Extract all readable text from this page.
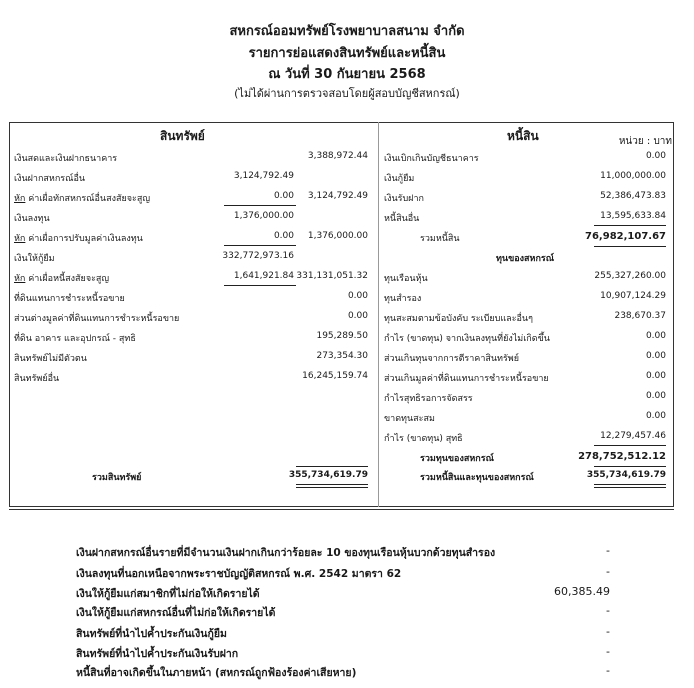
สหกรณ์ออมทรัพย์โรงพยาบาลสนาม จำกัด
รายการย่อแสดงสินทรัพย์และหนี้สิน
ณ วันที่ 30 กันยายน 2568
(ไม่ได้ผ่านการตรวจสอบโดยผู้สอบบัญชีสหกรณ์)
หน่วย : บาท
สินทรัพย์	หนี้สิน
เงินสดและเงินฝากธนาคาร	3,388,972.44
เงินฝากสหกรณ์อื่น	3,124,792.49
หัก ค่าเผื่อทักสหกรณ์อื่นสงสัยจะสูญ	0.00 3,124,792.49
เงินลงทุน	1,376,000.00
หัก ค่าเผื่อการปรับมูลค่าเงินลงทุน	0.00 1,376,000.00
เงินให้กู้ยืม	332,772,973.16
หัก ค่าเผื่อหนี้สงสัยจะสูญ	1,641,921.84 331,131,051.32
ที่ดินแทนการชำระหนี้รอขาย	0.00
ส่วนต่างมูลค่าที่ดินแทนการชำระหนี้รอขาย	0.00
ที่ดิน อาคาร และอุปกรณ์ - สุทธิ	195,289.50
สินทรัพย์ไม่มีตัวตน	273,354.30
สินทรัพย์อื่น	16,245,159.74
รวมสินทรัพย์	355,734,619.79
เงินเบิกเกินบัญชีธนาคาร	0.00
เงินกู้ยืม	11,000,000.00
เงินรับฝาก	52,386,473.83
หนี้สินอื่น	13,595,633.84
รวมหนี้สิน	76,982,107.67
ทุนของสหกรณ์
ทุนเรือนหุ้น	255,327,260.00
ทุนสำรอง	10,907,124.29
ทุนสะสมตามข้อบังคับ ระเบียบและอื่นๆ	238,670.37
กำไร (ขาดทุน) จากเงินลงทุนที่ยังไม่เกิดขึ้น	0.00
ส่วนเกินทุนจากการตีราคาสินทรัพย์	0.00
ส่วนเกินมูลค่าที่ดินแทนการชำระหนี้รอขาย	0.00
กำไรสุทธิรอการจัดสรร	0.00
ขาดทุนสะสม	0.00
กำไร (ขาดทุน) สุทธิ	12,279,457.46
รวมทุนของสหกรณ์	278,752,512.12
รวมหนี้สินและทุนของสหกรณ์	355,734,619.79
เงินฝากสหกรณ์อื่นรายที่มีจำนวนเงินฝากเกินกว่าร้อยละ 10 ของทุนเรือนหุ้นบวกด้วยทุนสำรอง	-
เงินลงทุนที่นอกเหนือจากพระราชบัญญัติสหกรณ์ พ.ศ. 2542 มาตรา 62	-
เงินให้กู้ยืมแก่สมาชิกที่ไม่ก่อให้เกิดรายได้	60,385.49
เงินให้กู้ยืมแก่สหกรณ์อื่นที่ไม่ก่อให้เกิดรายได้	-
สินทรัพย์ที่นำไปค้ำประกันเงินกู้ยืม	-
สินทรัพย์ที่นำไปค้ำประกันเงินรับฝาก	-
หนี้สินที่อาจเกิดขึ้นในภายหน้า (สหกรณ์ถูกฟ้องร้องค่าเสียหาย)	-
